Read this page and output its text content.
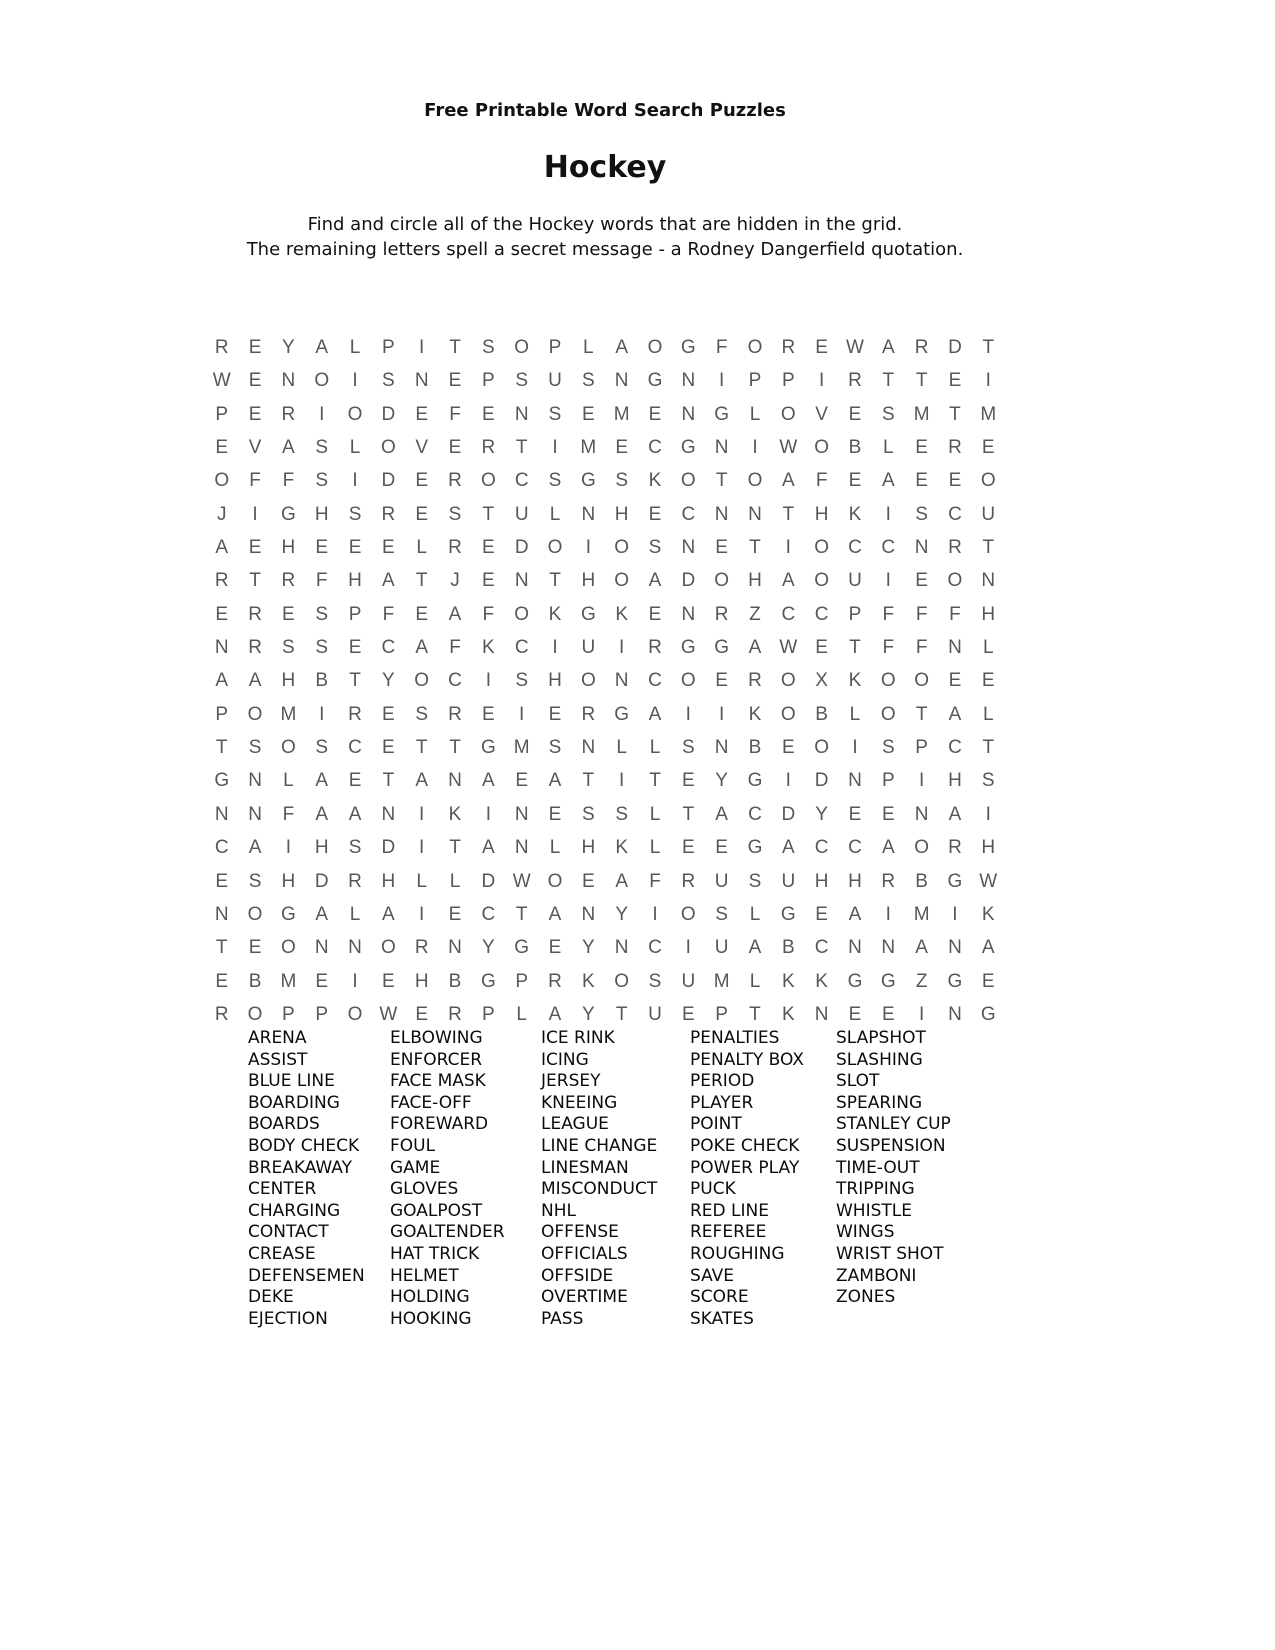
Free Printable Word Search Puzzles
Hockey
Find and circle all of the Hockey words that are hidden in the grid.
The remaining letters spell a secret message - a Rodney Dangerfield quotation.
R	E	Y	A	L	P	I	T	S	O	P	L	A	O G	F	O	R	E W A	R	D	T
W E	N	O	I	S	N	E	P	S	U	S	N	G	N	I	P	P	I	R	T	T	E	I
P	E	R	I	O	D	E	F	E	N	S	E	M	E	N	G	L	O	V	E	S	M	T	M
E	V	A	S	L	O	V	E	R	T	I	M	E	C	G	N	I	W O	B	L	E	R	E
O	F	F	S	I	D	E	R	O	C	S	G	S	K	O	T	O	A	F	E	A	E	E	O
J	I	G	H	S	R	E	S	T	U	L	N	H	E	C	N	N	T	H	K	I	S	C	U
A	E	H	E	E	E	L	R	E	D	O	I	O	S	N	E	T	I	O	C	C	N	R	T
R	T	R	F	H	A	T	J	E	N	T	H	O	A	D	O	H	A	O	U	I	E	O	N
E	R	E	S	P	F	E	A	F	O	K	G	K	E	N	R	Z	C	C	P	F	F	F	H
N	R	S	S	E	C	A	F	K	C	I	U	I	R	G G	A W E	T	F	F	N	L
A	A	H	B	T	Y	O	C	I	S	H	O	N	C	O	E	R	O	X	K	O O	E	E
P	O M	I	R	E	S	R	E	I	E	R	G	A	I	I	K	O	B	L	O	T	A	L
T	S	O	S	C	E	T	T	G M	S	N	L	L	S	N	B	E	O	I	S	P	C	T
G	N	L	A	E	T	A	N	A	E	A	T	I	T	E	Y	G	I	D	N	P	I	H	S
N	N	F	A	A	N	I	K	I	N	E	S	S	L	T	A	C	D	Y	E	E	N	A	I
C	A	I	H	S	D	I	T	A	N	L	H	K	L	E	E	G	A	C	C	A	O	R	H
E	S	H	D	R	H	L	L	D W O	E	A	F	R	U	S	U	H	H	R	B	G W
N	O G	A	L	A	I	E	C	T	A	N	Y	I	O	S	L	G	E	A	I	M	I	K
T	E	O	N	N	O	R	N	Y	G	E	Y	N	C	I	U	A	B	C	N	N	A	N	A
E	B	M	E	I	E	H	B	G	P	R	K	O	S	U M	L	K	K	G G	Z	G	E
R	O	P	P	O W E	R	P	L	A	Y	T	U	E	P	T	K	N	E	E	I	N	G
ARENA
ASSIST
BLUE LINE
BOARDING
BOARDS
BODY CHECK
BREAKAWAY
CENTER
CHARGING
CONTACT
CREASE
DEFENSEMEN
DEKE
EJECTION
ELBOWING
ENFORCER
FACE MASK
FACE-OFF
FOREWARD
FOUL
GAME
GLOVES
GOALPOST
GOALTENDER
HAT TRICK
HELMET
HOLDING
HOOKING
ICE RINK
ICING
JERSEY
KNEEING
LEAGUE
LINE CHANGE
LINESMAN
MISCONDUCT
NHL
OFFENSE
OFFICIALS
OFFSIDE
OVERTIME
PASS
PENALTIES
PENALTY BOX
PERIOD
PLAYER
POINT
POKE CHECK
POWER PLAY
PUCK
RED LINE
REFEREE
ROUGHING
SAVE
SCORE
SKATES
SLAPSHOT
SLASHING
SLOT
SPEARING
STANLEY CUP
SUSPENSION
TIME-OUT
TRIPPING
WHISTLE
WINGS
WRIST SHOT
ZAMBONI
ZONES
